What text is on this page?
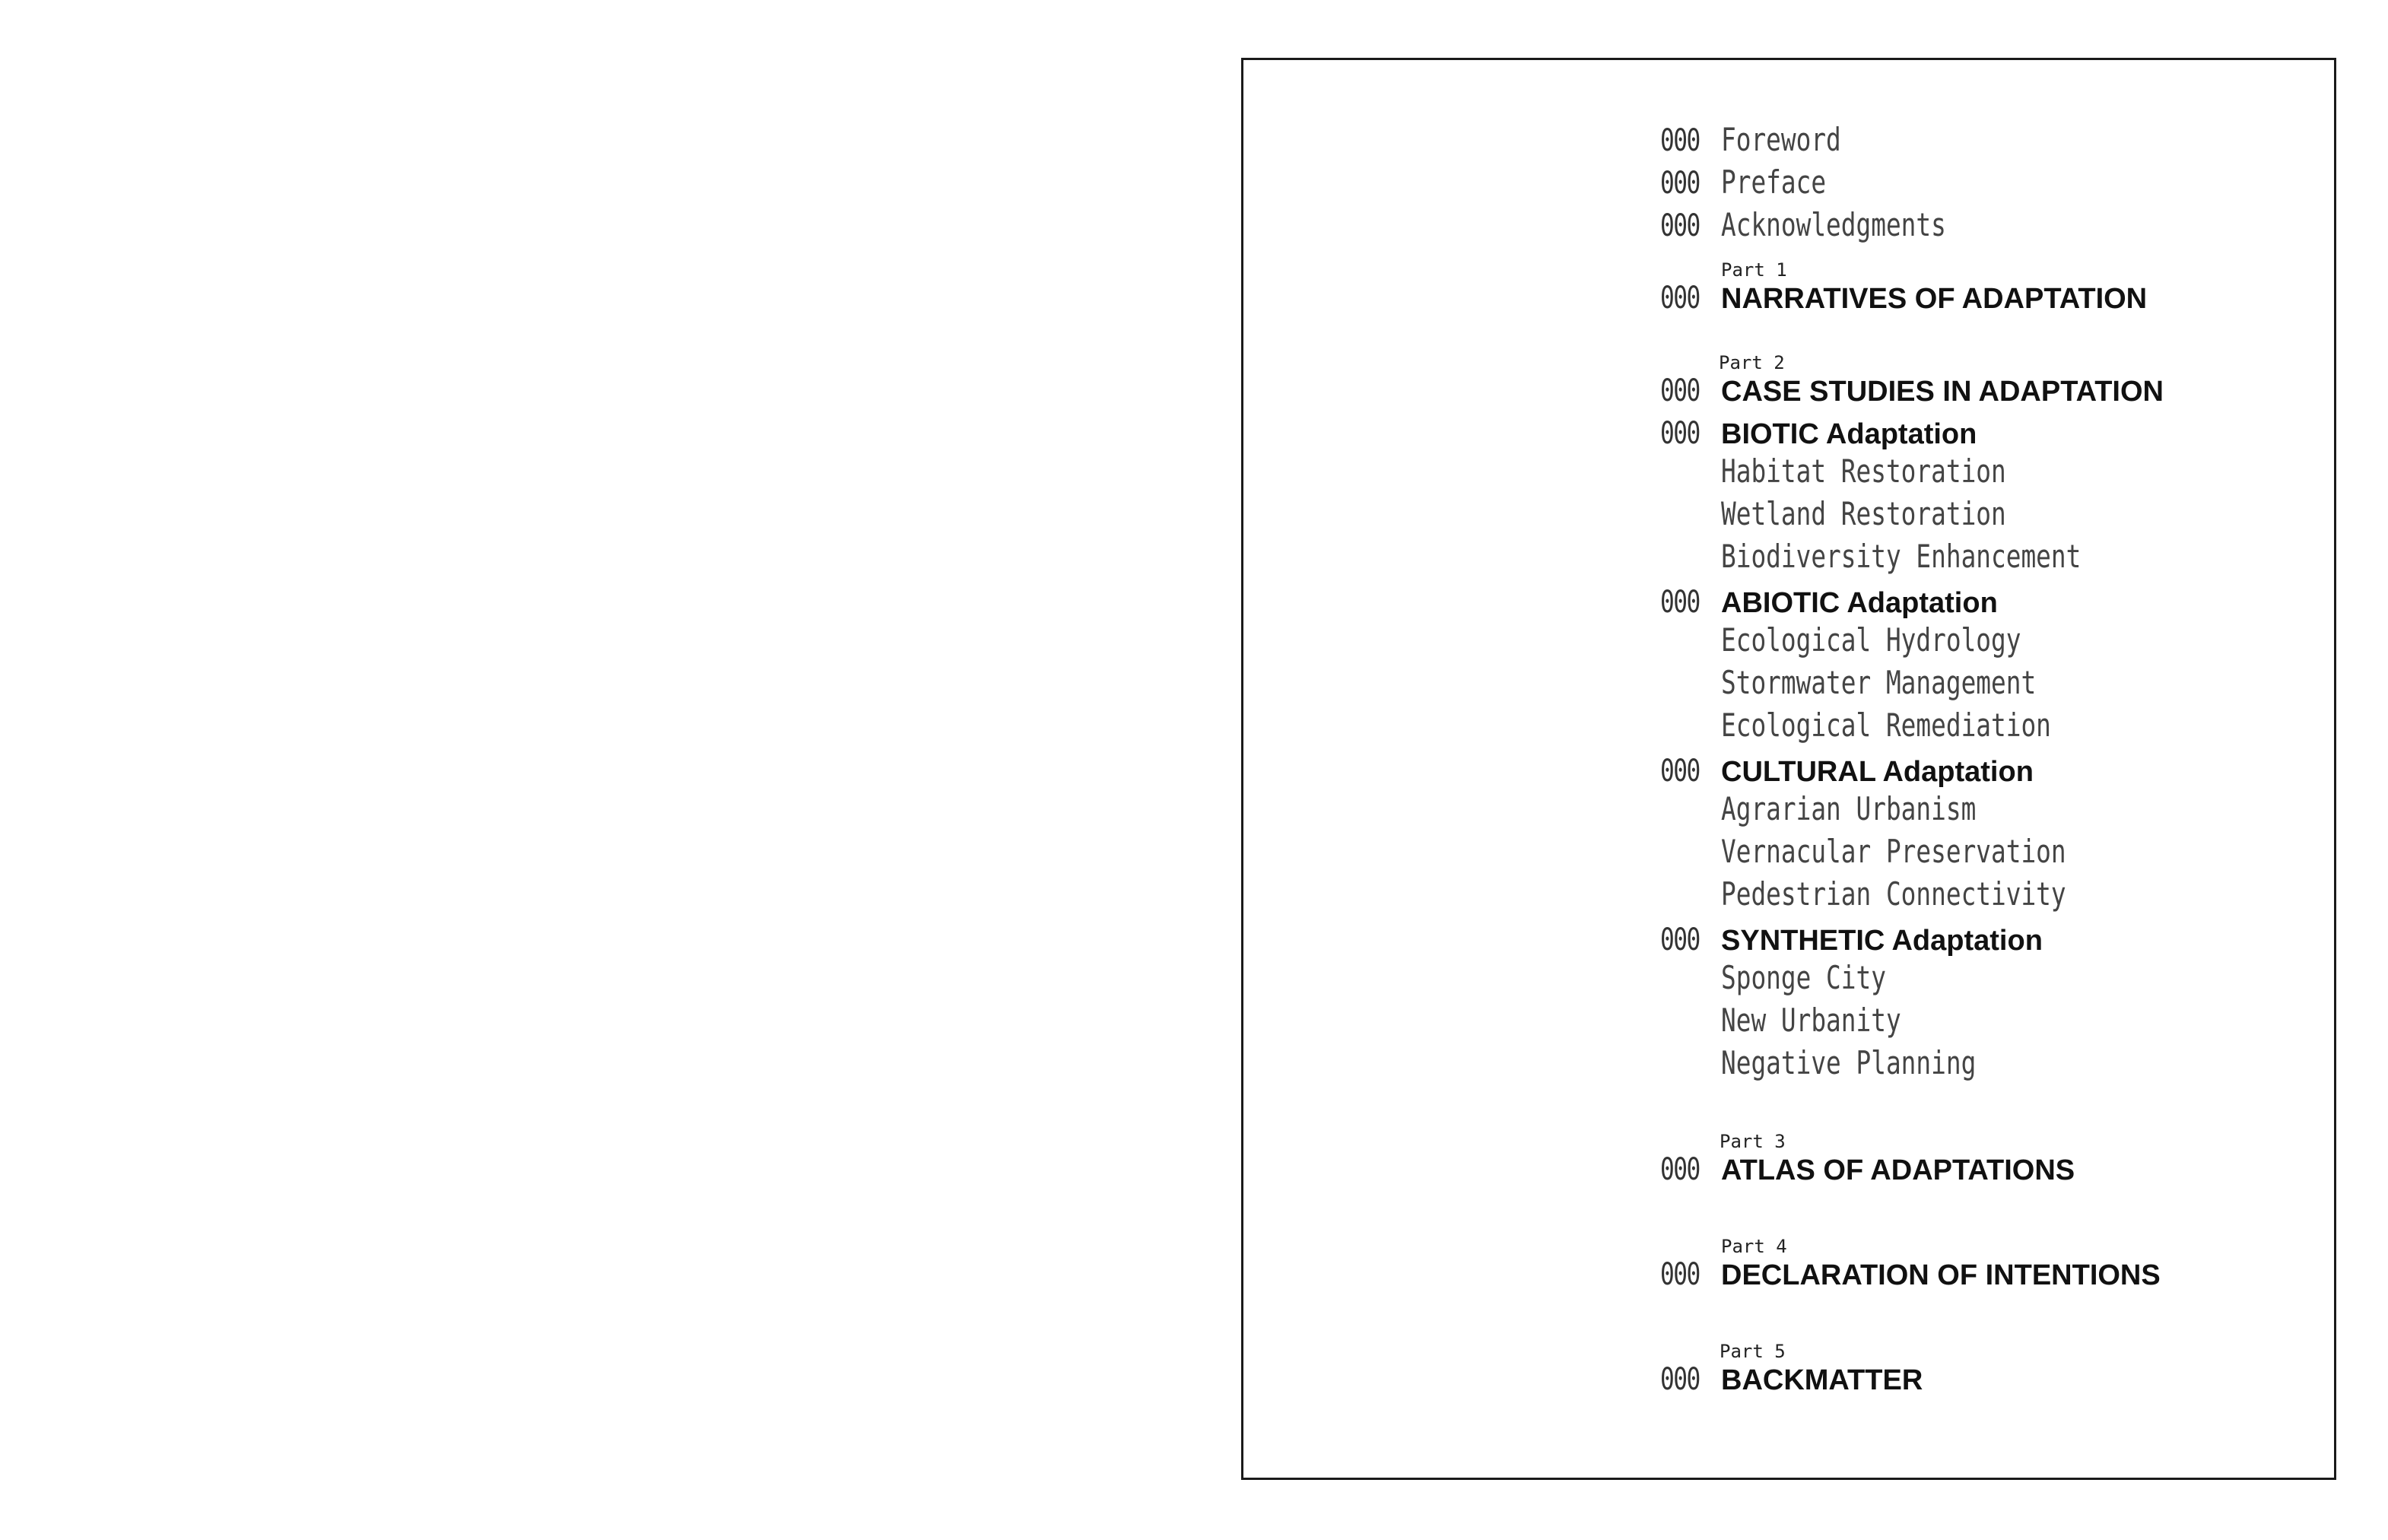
000 Foreword
000 Preface
000 Acknowledgments
Part 1
000 NARRATIVES OF ADAPTATION
Part 2
000 CASE STUDIES IN ADAPTATION
000 BIOTIC Adaptation
Habitat Restoration
Wetland Restoration
Biodiversity Enhancement
000 ABIOTIC Adaptation
Ecological Hydrology
Stormwater Management
Ecological Remediation
000 CULTURAL Adaptation
Agrarian Urbanism
Vernacular Preservation
Pedestrian Connectivity
000 SYNTHETIC Adaptation
Sponge City
New Urbanity
Negative Planning
Part 3
000 ATLAS OF ADAPTATIONS
Part 4
000 DECLARATION OF INTENTIONS
Part 5
000 BACKMATTER
